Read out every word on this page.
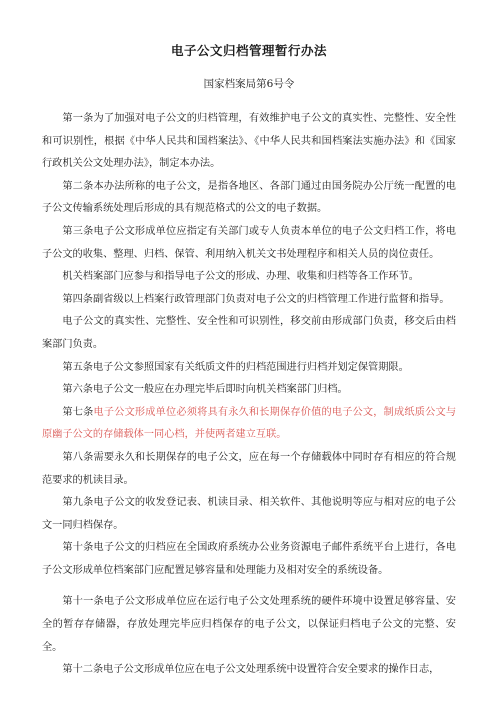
电子公文归档管理暂行办法
国家档案局第6号令

第一条为了加强对电子公文的归档管理，有效维护电子公文的真实性、完整性、安全性和可识别性，根据《中华人民共和国档案法》、《中华人民共和国档案法实施办法》和《国家行政机关公文处理办法》，制定本办法。

第二条本办法所称的电子公文，是指各地区、各部门通过由国务院办公厅统一配置的电子公文传输系统处理后形成的具有规范格式的公文的电子数据。

第三条电子公文形成单位应指定有关部门或专人负责本单位的电子公文归档工作，将电子公文的收集、整理、归档、保管、利用纳入机关文书处理程序和相关人员的岗位责任。

机关档案部门应参与和指导电子公文的形成、办理、收集和归档等各工作环节。

第四条副省级以上档案行政管理部门负责对电子公文的归档管理工作进行监督和指导。

电子公文的真实性、完整性、安全性和可识别性，移交前由形成部门负责，移交后由档案部门负责。

第五条电子公文参照国家有关纸质文件的归档范围进行归档并划定保管期限。

第六条电子公文一般应在办理完毕后即时向机关档案部门归档。

第七条电子公文形成单位必须将具有永久和长期保存价值的电子公文，制成纸质公文与原幽子公文的存储载体一同心档，并使两者建立互联。

第八条需要永久和长期保存的电子公文，应在每一个存储载体中同时存有相应的符合规范要求的机读目录。

第九条电子公文的收发登记表、机读目录、相关软件、其他说明等应与相对应的电子公文一同归档保存。

第十条电子公文的归档应在全国政府系统办公业务资源电子邮件系统平台上进行，各电子公文形成单位档案部门应配置足够容量和处理能力及相对安全的系统设备。

第十一条电子公文形成单位应在运行电子公文处理系统的硬件环境中设置足够容量、安全的暂存存储器，存放处理完毕应归档保存的电子公文，以保证归档电子公文的完整、安全。

第十二条电子公文形成单位应在电子公文处理系统中设置符合安全要求的操作日志，
